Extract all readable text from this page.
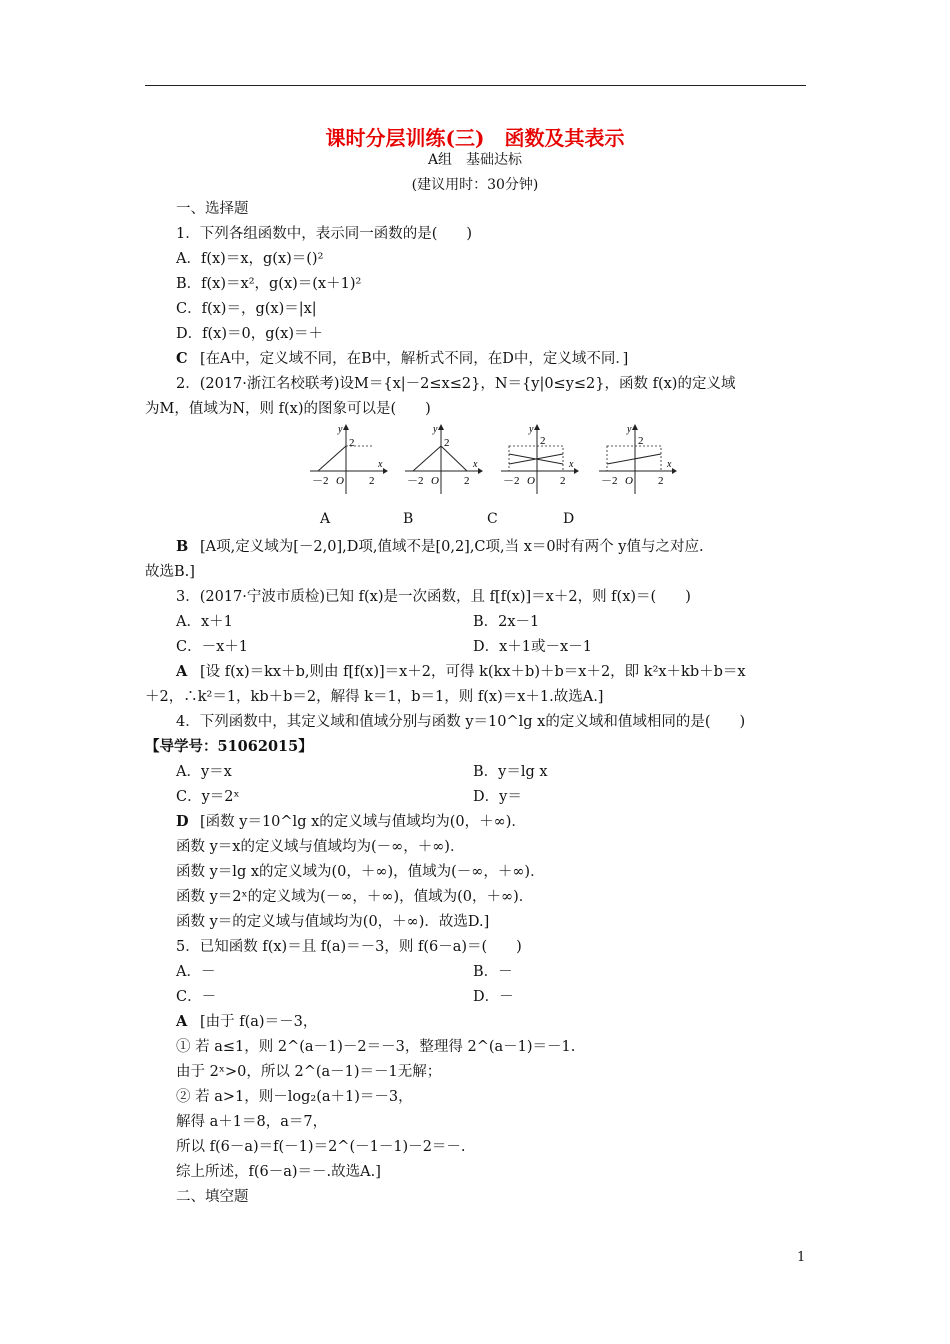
课时分层训练(三)　函数及其表示
A组　基础达标
(建议用时：30分钟)
一、选择题
1．下列各组函数中，表示同一函数的是(　　)
A．f(x)＝x，g(x)＝()²
B．f(x)＝x²，g(x)＝(x＋1)²
C．f(x)＝，g(x)＝|x|
D．f(x)＝0，g(x)＝＋
C [在A中，定义域不同，在B中，解析式不同，在D中，定义域不同．]
2．(2017·浙江名校联考)设M＝{x|－2≤x≤2}，N＝{y|0≤y≤2}，函数 f(x)的定义域
为M，值域为N，则 f(x)的图象可以是(　　)
－2 O 2
2
x
y
－2 O 2
2
x
y
－2 O 2
2
x
y
－2 O 2
2
x
y
A	B	C	D
B [A项,定义域为[－2,0],D项,值域不是[0,2],C项,当 x＝0时有两个 y值与之对应.
故选B.]
3．(2017·宁波市质检)已知 f(x)是一次函数，且 f[f(x)]＝x＋2，则 f(x)＝(　　)
A．x＋1	B．2x－1
C．－x＋1	D．x＋1或－x－1
A [设 f(x)＝kx＋b,则由 f[f(x)]＝x＋2，可得 k(kx＋b)＋b＝x＋2，即 k²x＋kb＋b＝x
＋2，∴k²＝1，kb＋b＝2，解得 k＝1，b＝1，则 f(x)＝x＋1.故选A.]
4．下列函数中，其定义域和值域分别与函数 y＝10^lg x的定义域和值域相同的是(　　)
【导学号：51062015】
A．y＝x	B．y＝lg x
C．y＝2ˣ	D．y＝
D [函数 y＝10^lg x的定义域与值域均为(0，＋∞)．
函数 y＝x的定义域与值域均为(－∞，＋∞)．
函数 y＝lg x的定义域为(0，＋∞)，值域为(－∞，＋∞)．
函数 y＝2ˣ的定义域为(－∞，＋∞)，值域为(0，＋∞)．
函数 y＝的定义域与值域均为(0，＋∞)．故选D.]
5．已知函数 f(x)＝且 f(a)＝－3，则 f(6－a)＝(　　)
A．－	B．－
C．－	D．－
A [由于 f(a)＝－3，
① 若 a≤1，则 2^(a－1)－2＝－3，整理得 2^(a－1)＝－1.
由于 2ˣ>0，所以 2^(a－1)＝－1无解；
② 若 a>1，则－log₂(a＋1)＝－3，
解得 a＋1＝8，a＝7，
所以 f(6－a)＝f(－1)＝2^(－1－1)－2＝－.
综上所述，f(6－a)＝－.故选A.]
二、填空题
1
